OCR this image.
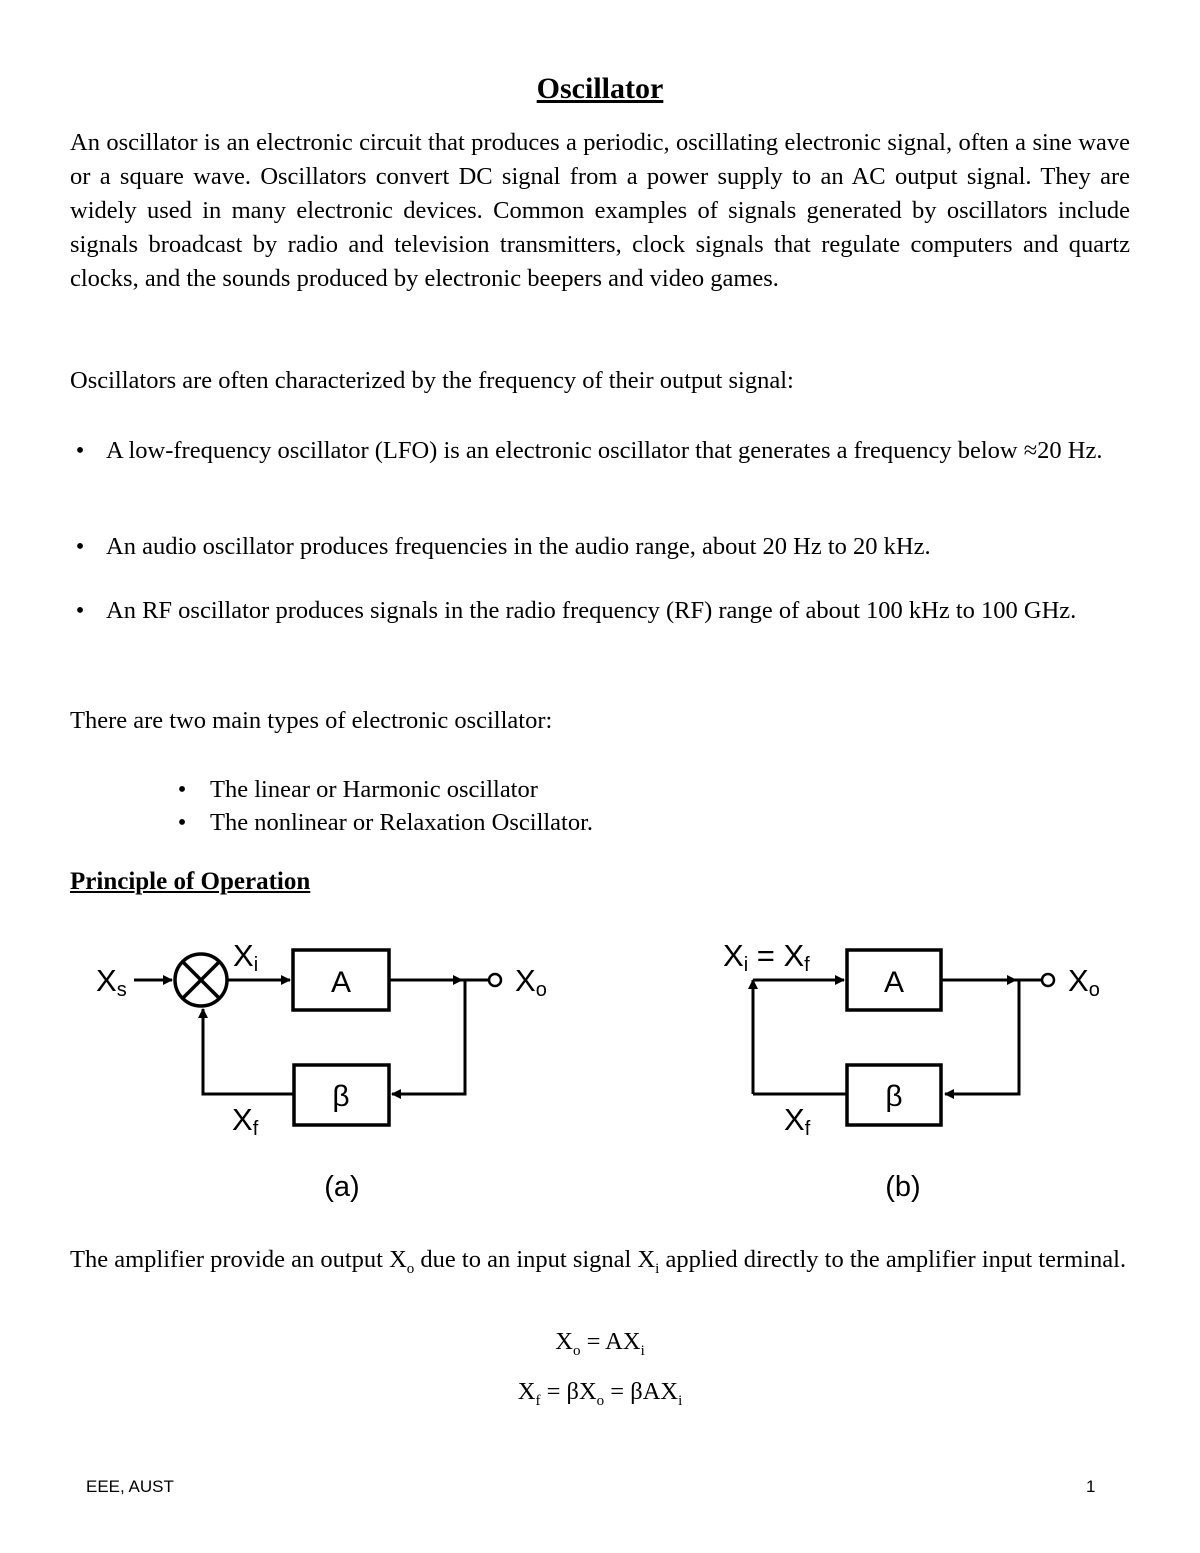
Oscillator

An oscillator is an electronic circuit that produces a periodic, oscillating electronic signal, often a sine wave or a square wave. Oscillators convert DC signal from a power supply to an AC output signal. They are widely used in many electronic devices. Common examples of signals generated by oscillators include signals broadcast by radio and television transmitters, clock signals that regulate computers and quartz clocks, and the sounds produced by electronic beepers and video games.

Oscillators are often characterized by the frequency of their output signal:

• A low-frequency oscillator (LFO) is an electronic oscillator that generates a frequency below ≈20 Hz.
• An audio oscillator produces frequencies in the audio range, about 20 Hz to 20 kHz.
• An RF oscillator produces signals in the radio frequency (RF) range of about 100 kHz to 100 GHz.

There are two main types of electronic oscillator:

• The linear or Harmonic oscillator
• The nonlinear or Relaxation Oscillator.
Principle of Operation
Xs
Xi
A	Xo
β
Xf
(a)
Xi = Xf
A	Xo
β
Xf
(b)

The amplifier provide an output $X_o$ due to an input signal $X_i$ applied directly to the amplifier input terminal.

$X_o = AX_i$
$X_f = \beta X_o = \beta AX_i$
EEE, AUST	1
